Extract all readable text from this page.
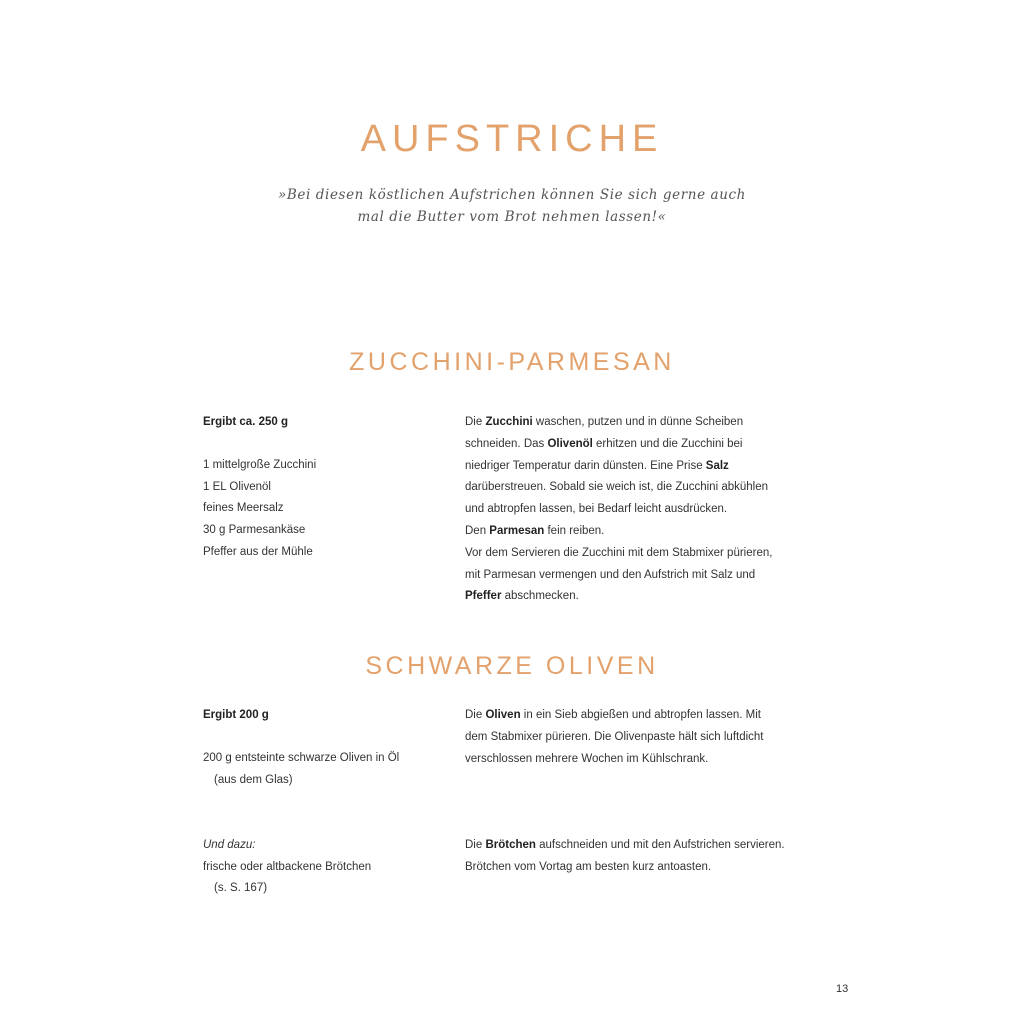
AUFSTRICHE
»Bei diesen köstlichen Aufstrichen können Sie sich gerne auch
mal die Butter vom Brot nehmen lassen!«
ZUCCHINI-PARMESAN
Ergibt ca. 250 g
1 mittelgroße Zucchini
1 EL Olivenöl
feines Meersalz
30 g Parmesankäse
Pfeffer aus der Mühle
Die Zucchini waschen, putzen und in dünne Scheiben
schneiden. Das Olivenöl erhitzen und die Zucchini bei
niedriger Temperatur darin dünsten. Eine Prise Salz
darüberstreuen. Sobald sie weich ist, die Zucchini abkühlen
und abtropfen lassen, bei Bedarf leicht ausdrücken.
Den Parmesan fein reiben.
Vor dem Servieren die Zucchini mit dem Stabmixer pürieren,
mit Parmesan vermengen und den Aufstrich mit Salz und
Pfeffer abschmecken.
SCHWARZE OLIVEN
Ergibt 200 g
200 g entsteinte schwarze Oliven in Öl
(aus dem Glas)
Die Oliven in ein Sieb abgießen und abtropfen lassen. Mit
dem Stabmixer pürieren. Die Olivenpaste hält sich luftdicht
verschlossen mehrere Wochen im Kühlschrank.
Und dazu:
frische oder altbackene Brötchen
(s. S. 167)
Die Brötchen aufschneiden und mit den Aufstrichen servieren.
Brötchen vom Vortag am besten kurz antoasten.
13
